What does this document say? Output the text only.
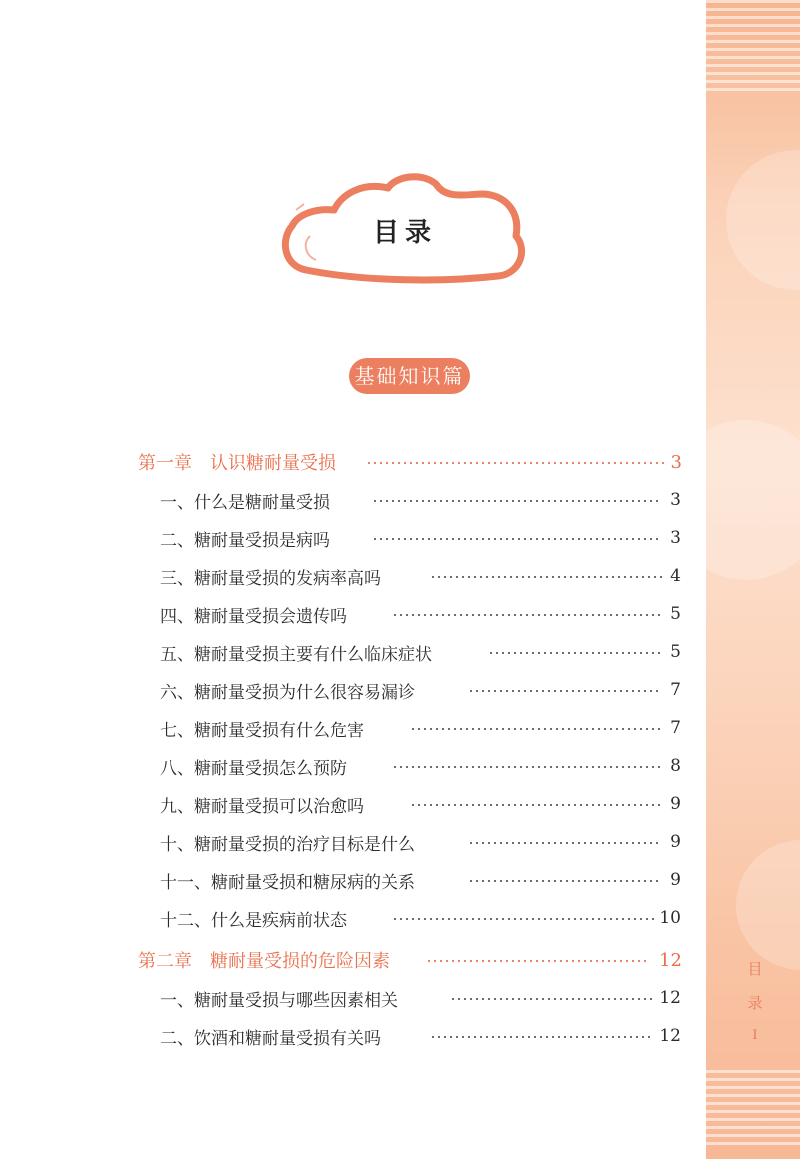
目
录
I
目录
基础知识篇
第一章　认识糖耐量受损	3
一、什么是糖耐量受损	3
二、糖耐量受损是病吗	3
三、糖耐量受损的发病率高吗	4
四、糖耐量受损会遗传吗	5
五、糖耐量受损主要有什么临床症状	5
六、糖耐量受损为什么很容易漏诊	7
七、糖耐量受损有什么危害	7
八、糖耐量受损怎么预防	8
九、糖耐量受损可以治愈吗	9
十、糖耐量受损的治疗目标是什么	9
十一、糖耐量受损和糖尿病的关系	9
十二、什么是疾病前状态	10
第二章　糖耐量受损的危险因素	12
一、糖耐量受损与哪些因素相关	12
二、饮酒和糖耐量受损有关吗	12
